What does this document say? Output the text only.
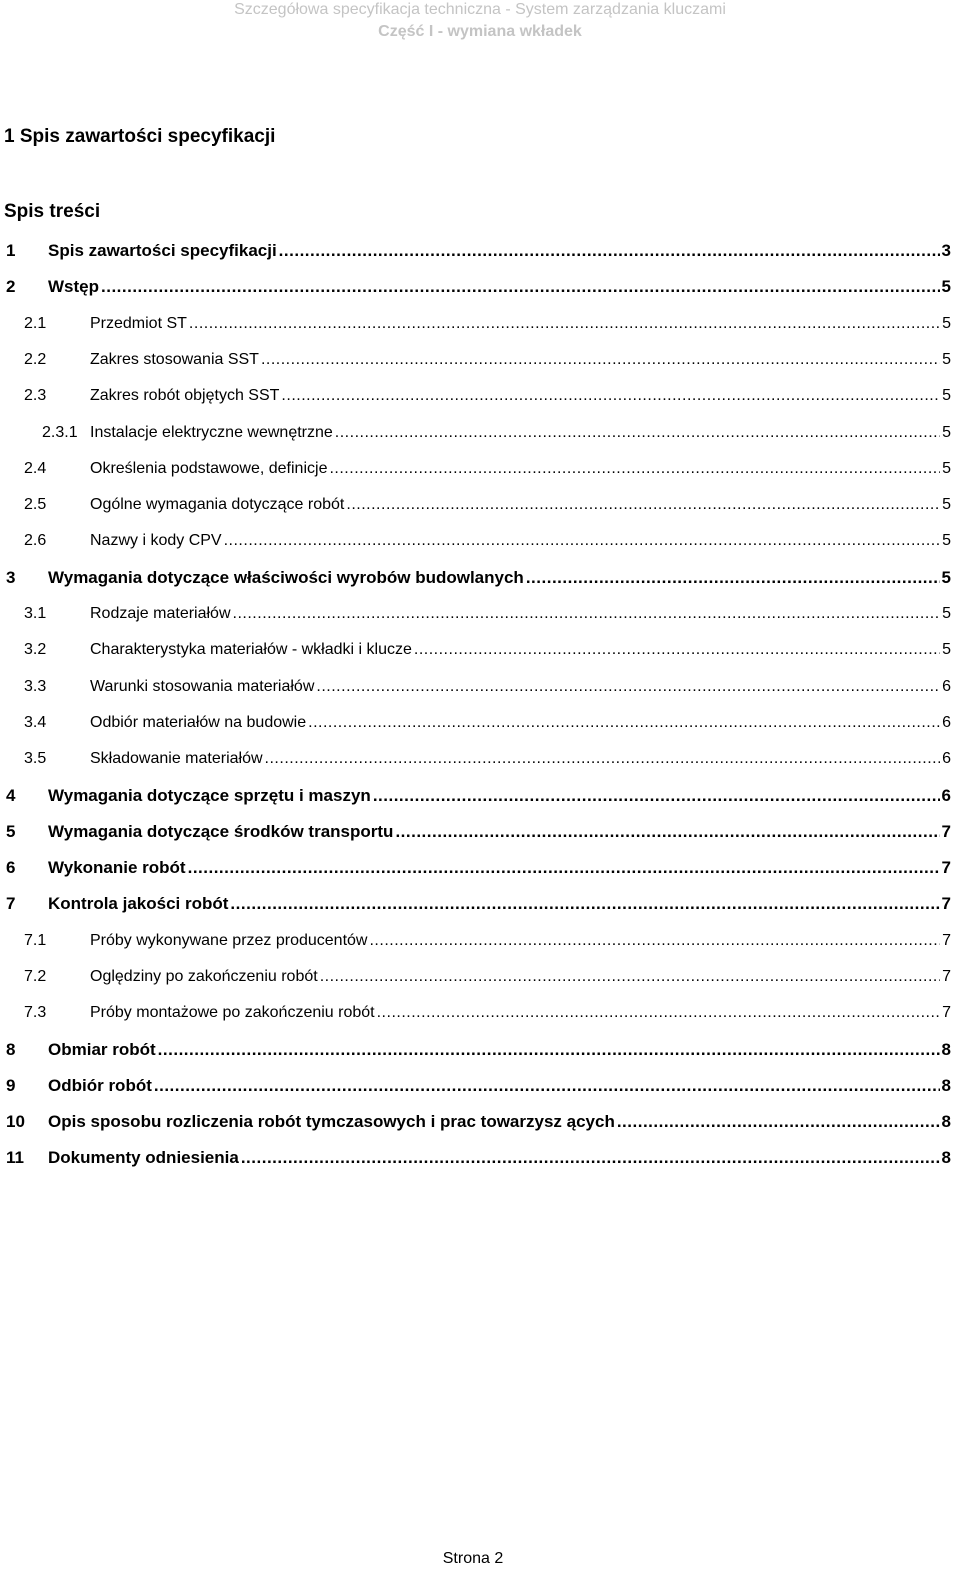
Szczegółowa specyfikacja techniczna - System zarządzania kluczami
Część I - wymiana wkładek
1 Spis zawartości specyfikacji
Spis treści
1	Spis zawartości specyfikacji .....	3
2	Wstęp .....	5
2.1	Przedmiot ST .....	5
2.2	Zakres stosowania SST .....	5
2.3	Zakres robót objętych SST .....	5
2.3.1 Instalacje elektryczne wewnętrzne .....	5
2.4	Określenia podstawowe, definicje .....	5
2.5	Ogólne wymagania dotyczące robót .....	5
2.6	Nazwy i kody CPV .....	5
3	Wymagania dotyczące właściwości wyrobów budowlanych .....	5
3.1	Rodzaje materiałów .....	5
3.2	Charakterystyka materiałów - wkładki i klucze .....	5
3.3	Warunki stosowania materiałów .....	6
3.4	Odbiór materiałów na budowie .....	6
3.5	Składowanie materiałów .....	6
4	Wymagania dotyczące sprzętu i maszyn .....	6
5	Wymagania dotyczące środków transportu .....	7
6	Wykonanie robót .....	7
7	Kontrola jakości robót .....	7
7.1	Próby wykonywane przez producentów .....	7
7.2	Oględziny po zakończeniu robót .....	7
7.3	Próby montażowe po zakończeniu robót .....	7
8	Obmiar robót .....	8
9	Odbiór robót .....	8
10	Opis sposobu rozliczenia robót tymczasowych i prac towarzysz ących .....	8
11	Dokumenty odniesienia .....	8
Strona 2
